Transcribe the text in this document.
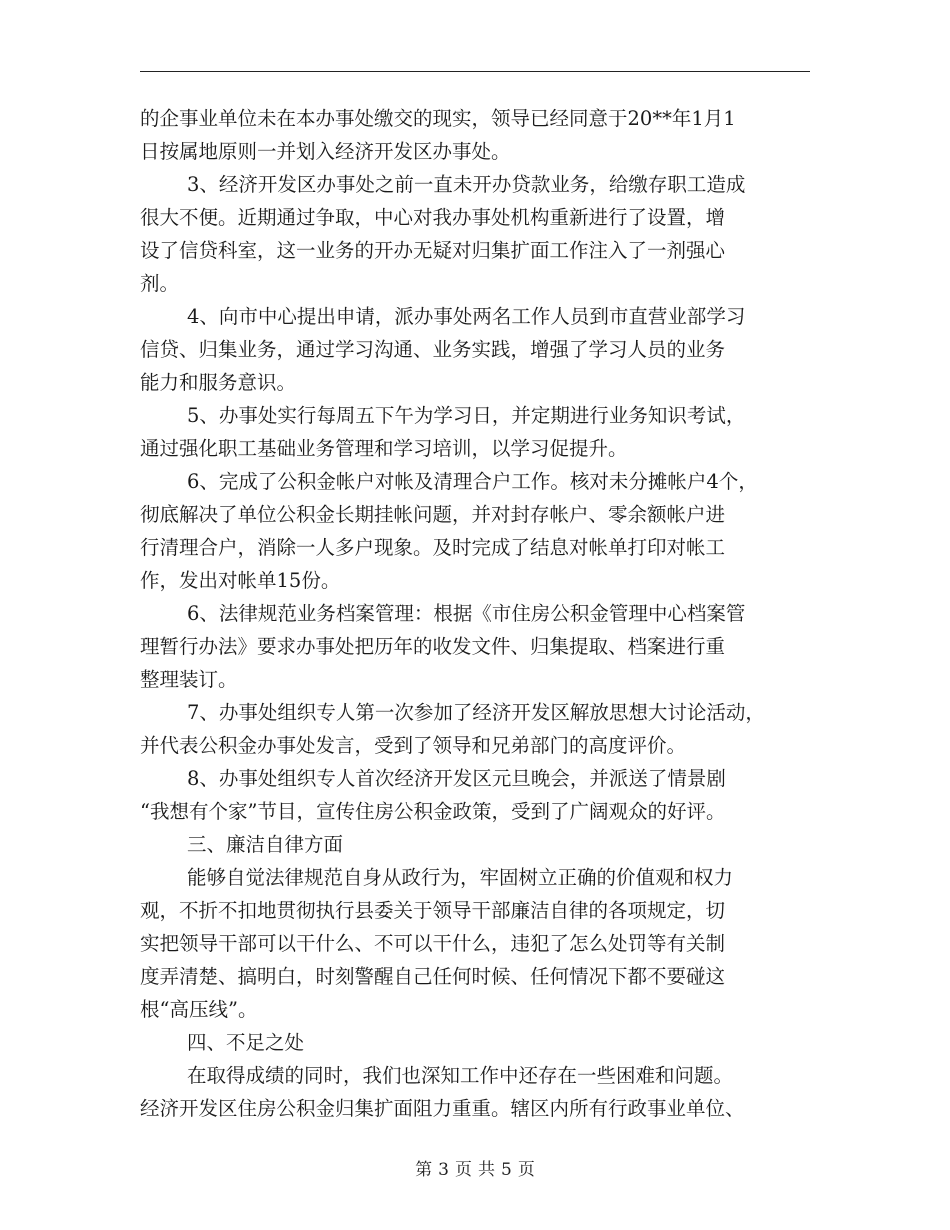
的企事业单位未在本办事处缴交的现实，领导已经同意于20**年1月1

日按属地原则一并划入经济开发区办事处。

3、经济开发区办事处之前一直未开办贷款业务，给缴存职工造成

很大不便。近期通过争取，中心对我办事处机构重新进行了设置，增

设了信贷科室，这一业务的开办无疑对归集扩面工作注入了一剂强心

剂。

4、向市中心提出申请，派办事处两名工作人员到市直营业部学习

信贷、归集业务，通过学习沟通、业务实践，增强了学习人员的业务

能力和服务意识。

5、办事处实行每周五下午为学习日，并定期进行业务知识考试，

通过强化职工基础业务管理和学习培训，以学习促提升。

6、完成了公积金帐户对帐及清理合户工作。核对未分摊帐户4个，

彻底解决了单位公积金长期挂帐问题，并对封存帐户、零余额帐户进

行清理合户，消除一人多户现象。及时完成了结息对帐单打印对帐工

作，发出对帐单15份。

6、法律规范业务档案管理：根据《市住房公积金管理中心档案管

理暂行办法》要求办事处把历年的收发文件、归集提取、档案进行重

整理装订。

7、办事处组织专人第一次参加了经济开发区解放思想大讨论活动，

并代表公积金办事处发言，受到了领导和兄弟部门的高度评价。

8、办事处组织专人首次经济开发区元旦晚会，并派送了情景剧

“我想有个家”节目，宣传住房公积金政策，受到了广阔观众的好评。

三、廉洁自律方面

能够自觉法律规范自身从政行为，牢固树立正确的价值观和权力

观，不折不扣地贯彻执行县委关于领导干部廉洁自律的各项规定，切

实把领导干部可以干什么、不可以干什么，违犯了怎么处罚等有关制

度弄清楚、搞明白，时刻警醒自己任何时候、任何情况下都不要碰这

根“高压线”。

四、不足之处

在取得成绩的同时，我们也深知工作中还存在一些困难和问题。

经济开发区住房公积金归集扩面阻力重重。辖区内所有行政事业单位、

第 3 页 共 5 页
